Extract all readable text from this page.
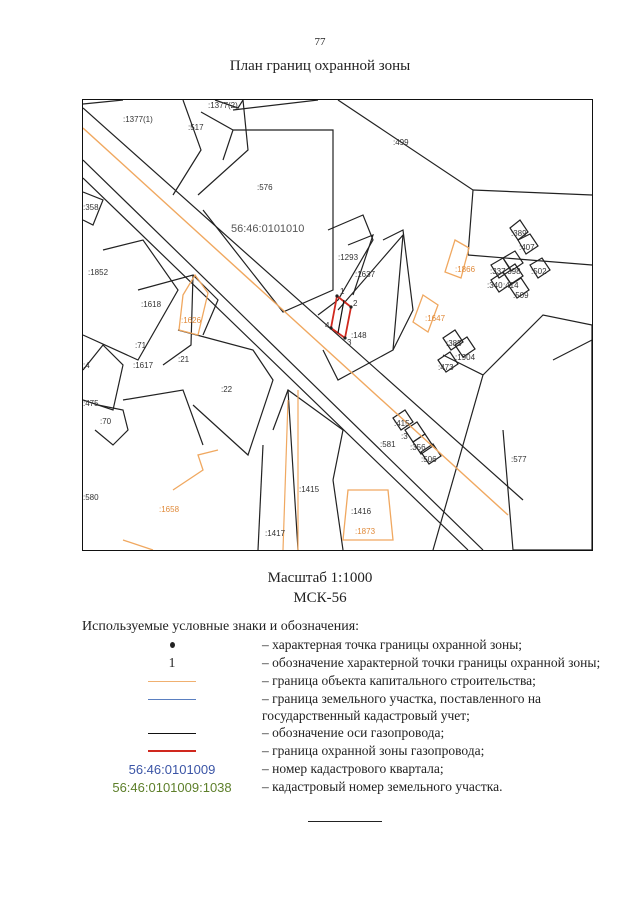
77
План границ охранной зоны
56:46:0101010
:1377(1)
:1377(2)
:517
:499
:576
:358
:1852
:1618
:1626
:1293
:1637
:148
:71
:1617
:21
:22
:4
:475
:70
:580
:1658
:1415
:1416
:1873
:1417
:1866
:1647
:385
:1904
:473
:581
:415
:3
:356
:506	:577
:389
:407
:337 :398 :502
:340 :414
:509
1
2
3
4
Масштаб 1:1000
МСК-56
Используемые условные знаки и обозначения:
– характерная точка границы охранной зоны;
1	– обозначение характерной точки границы охранной зоны;
– граница объекта капитального строительства;
– граница земельного участка, поставленного на государственный кадастровый учет;
– обозначение оси газопровода;
– граница охранной зоны газопровода;
56:46:0101009	– номер кадастрового квартала;
56:46:0101009:1038 – кадастровый номер земельного участка.
